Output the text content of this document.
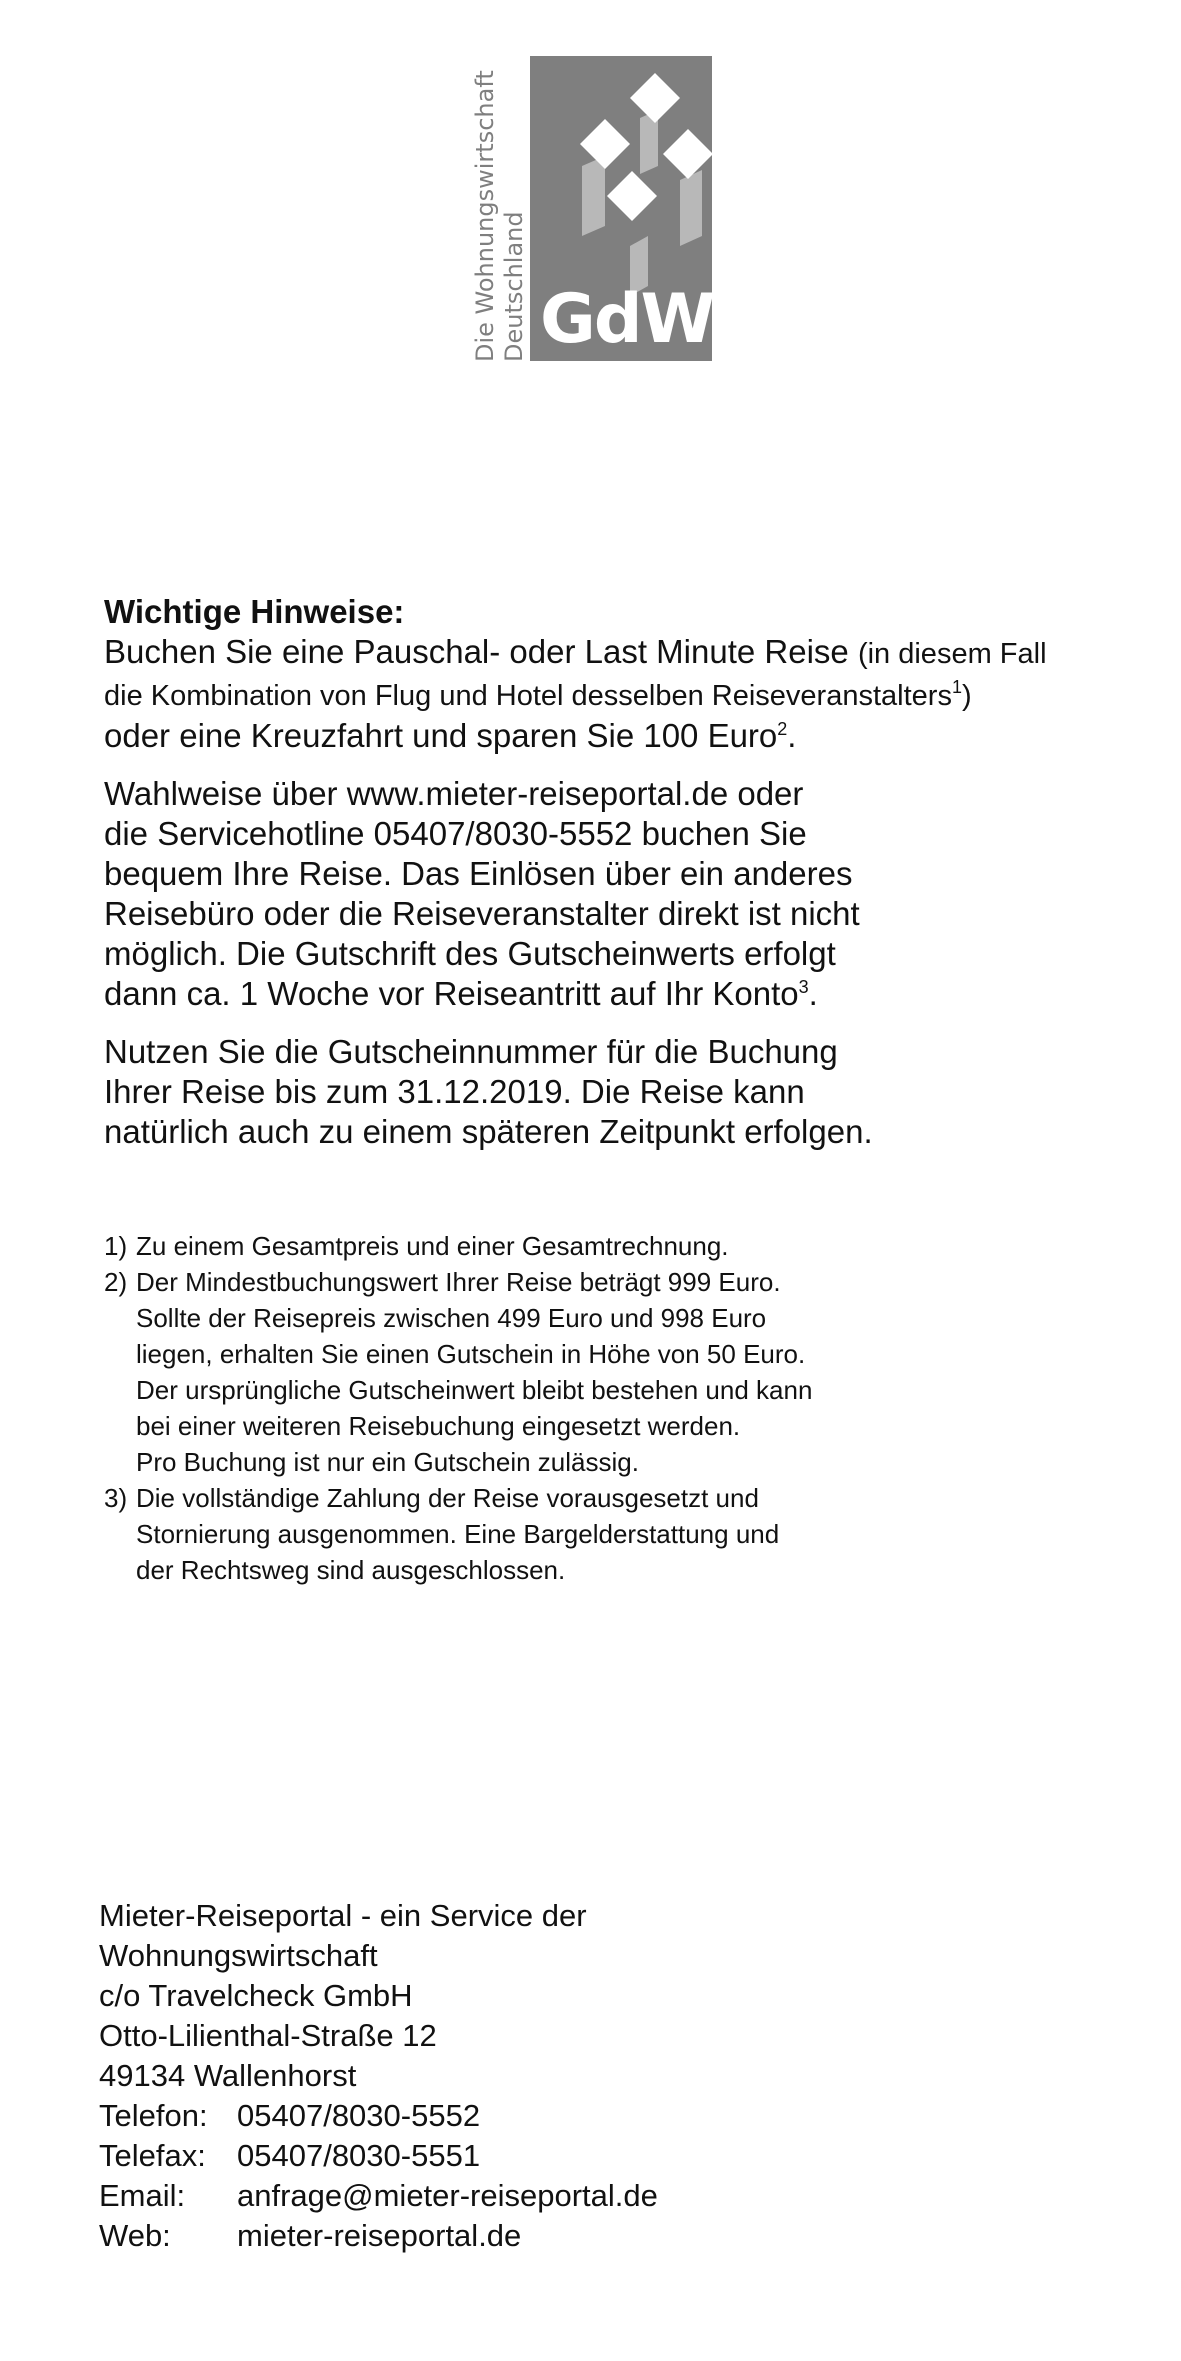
Die Wohnungswirtschaft Deutschland GdW
Wichtige Hinweise:

Buchen Sie eine Pauschal- oder Last Minute Reise (in diesem Fall
die Kombination von Flug und Hotel desselben Reiseveranstalters$^1$)
oder eine Kreuzfahrt und sparen Sie 100 Euro$^2$.

Wahlweise über www.mieter-reiseportal.de oder
die Servicehotline 05407/8030-5552 buchen Sie
bequem Ihre Reise. Das Einlösen über ein anderes
Reisebüro oder die Reiseveranstalter direkt ist nicht
möglich. Die Gutschrift des Gutscheinwerts erfolgt
dann ca. 1 Woche vor Reiseantritt auf Ihr Konto$^3$.

Nutzen Sie die Gutscheinnummer für die Buchung
Ihrer Reise bis zum 31.12.2019. Die Reise kann
natürlich auch zu einem späteren Zeitpunkt erfolgen.

1) Zu einem Gesamtpreis und einer Gesamtrechnung.
2) Der Mindestbuchungswert Ihrer Reise beträgt 999 Euro.
Sollte der Reisepreis zwischen 499 Euro und 998 Euro
liegen, erhalten Sie einen Gutschein in Höhe von 50 Euro.
Der ursprüngliche Gutscheinwert bleibt bestehen und kann
bei einer weiteren Reisebuchung eingesetzt werden.
Pro Buchung ist nur ein Gutschein zulässig.
3) Die vollständige Zahlung der Reise vorausgesetzt und
Stornierung ausgenommen. Eine Bargelderstattung und
der Rechtsweg sind ausgeschlossen.
Mieter-Reiseportal - ein Service der
Wohnungswirtschaft
c/o Travelcheck GmbH
Otto-Lilienthal-Straße 12
49134 Wallenhorst
Telefon: 05407/8030-5552
Telefax: 05407/8030-5551
Email: anfrage@mieter-reiseportal.de
Web: mieter-reiseportal.de
